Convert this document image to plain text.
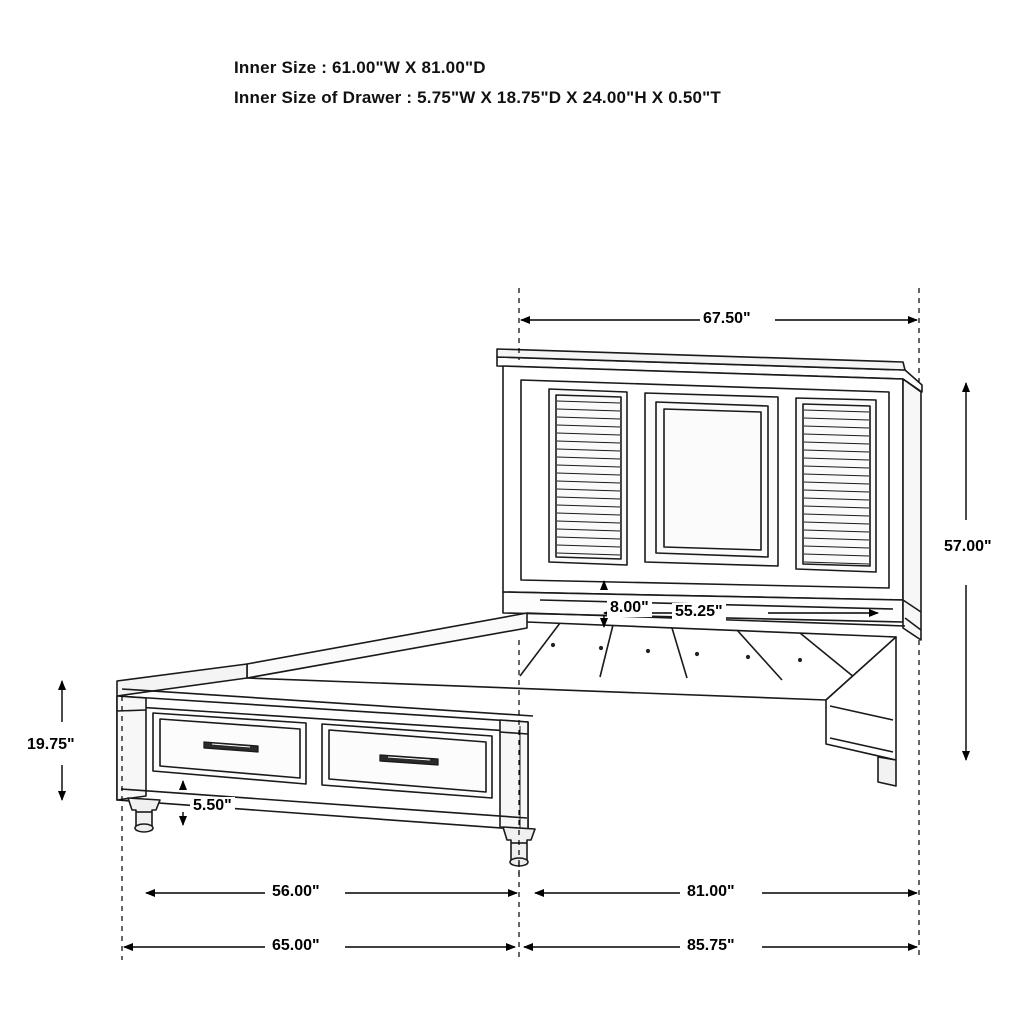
Inner Size : 61.00"W X 81.00"D
Inner Size of Drawer : 5.75"W X 18.75"D X 24.00"H X 0.50"T
67.50"
57.00"
55.25"
8.00"
19.75"
5.50"
56.00"	81.00"
65.00"	85.75"
